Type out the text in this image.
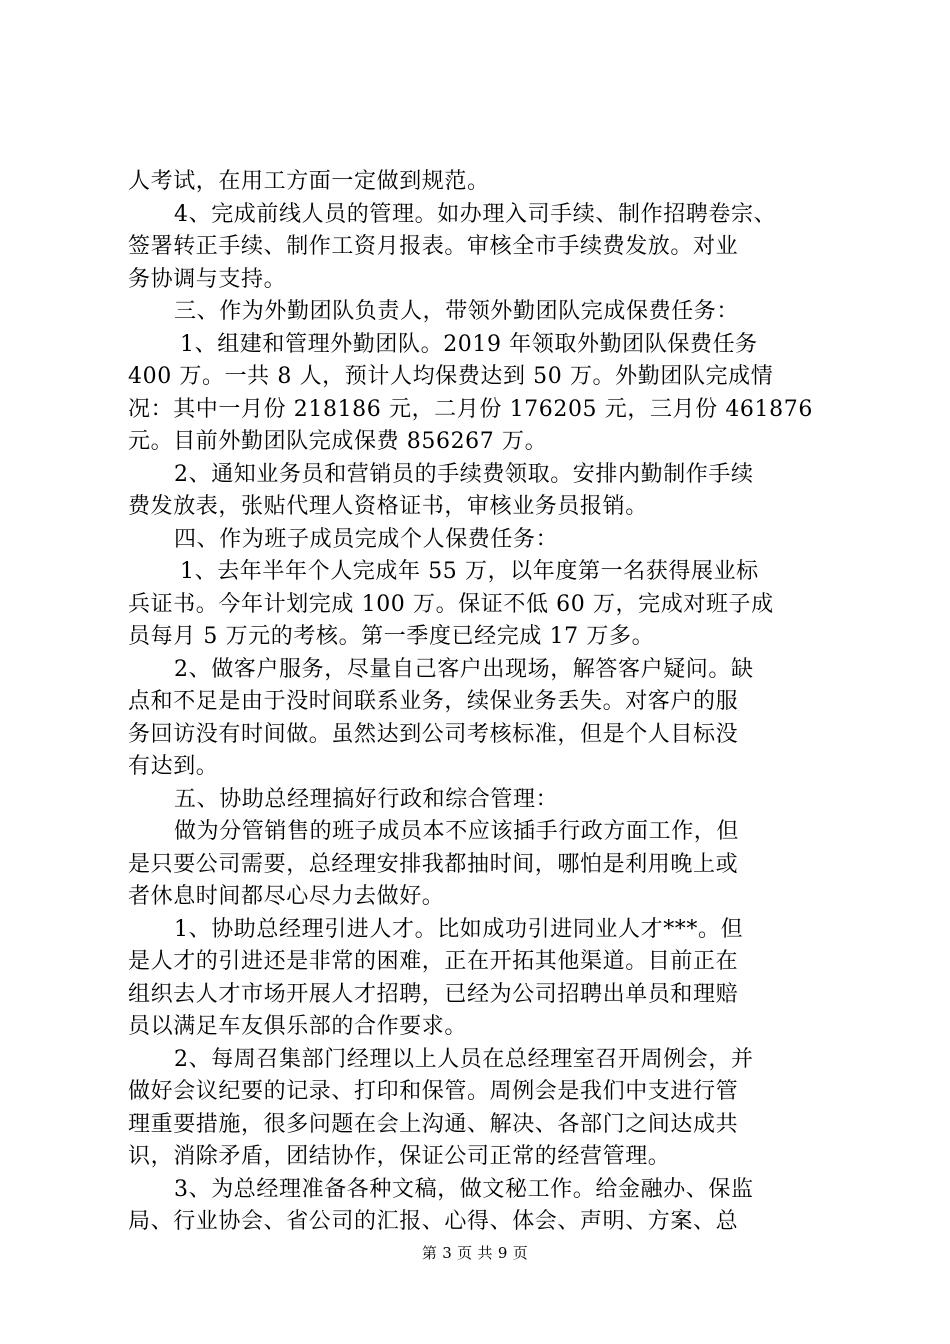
人考试，在用工方面一定做到规范。
4、完成前线人员的管理。如办理入司手续、制作招聘卷宗、
签署转正手续、制作工资月报表。审核全市手续费发放。对业
务协调与支持。
三、作为外勤团队负责人，带领外勤团队完成保费任务：
1、组建和管理外勤团队。2019 年领取外勤团队保费任务
400 万。一共 8 人，预计人均保费达到 50 万。外勤团队完成情
况：其中一月份 218186 元，二月份 176205 元，三月份 461876
元。目前外勤团队完成保费 856267 万。
2、通知业务员和营销员的手续费领取。安排内勤制作手续
费发放表，张贴代理人资格证书，审核业务员报销。
四、作为班子成员完成个人保费任务：
1、去年半年个人完成年 55 万，以年度第一名获得展业标
兵证书。今年计划完成 100 万。保证不低 60 万，完成对班子成
员每月 5 万元的考核。第一季度已经完成 17 万多。
2、做客户服务，尽量自己客户出现场，解答客户疑问。缺
点和不足是由于没时间联系业务，续保业务丢失。对客户的服
务回访没有时间做。虽然达到公司考核标准，但是个人目标没
有达到。
五、协助总经理搞好行政和综合管理：
做为分管销售的班子成员本不应该插手行政方面工作，但
是只要公司需要，总经理安排我都抽时间，哪怕是利用晚上或
者休息时间都尽心尽力去做好。
1、协助总经理引进人才。比如成功引进同业人才***。但
是人才的引进还是非常的困难，正在开拓其他渠道。目前正在
组织去人才市场开展人才招聘，已经为公司招聘出单员和理赔
员以满足车友俱乐部的合作要求。
2、每周召集部门经理以上人员在总经理室召开周例会，并
做好会议纪要的记录、打印和保管。周例会是我们中支进行管
理重要措施，很多问题在会上沟通、解决、各部门之间达成共
识，消除矛盾，团结协作，保证公司正常的经营管理。
3、为总经理准备各种文稿，做文秘工作。给金融办、保监
局、行业协会、省公司的汇报、心得、体会、声明、方案、总
第 3 页 共 9 页
